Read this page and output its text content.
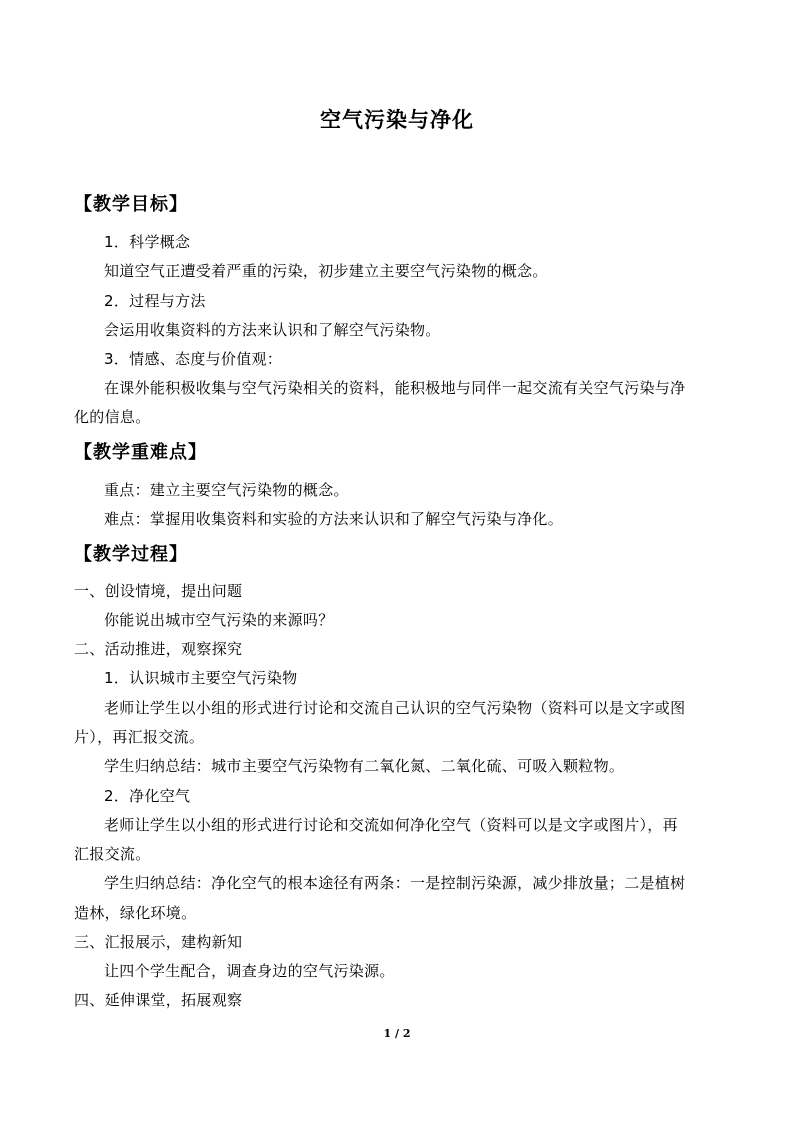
空气污染与净化
【教学目标】
1．科学概念
知道空气正遭受着严重的污染，初步建立主要空气污染物的概念。
2．过程与方法
会运用收集资料的方法来认识和了解空气污染物。
3．情感、态度与价值观：
在课外能积极收集与空气污染相关的资料，能积极地与同伴一起交流有关空气污染与净
化的信息。
【教学重难点】
重点：建立主要空气污染物的概念。
难点：掌握用收集资料和实验的方法来认识和了解空气污染与净化。
【教学过程】
一、创设情境，提出问题
你能说出城市空气污染的来源吗？
二、活动推进，观察探究
1．认识城市主要空气污染物
老师让学生以小组的形式进行讨论和交流自己认识的空气污染物（资料可以是文字或图
片），再汇报交流。
学生归纳总结：城市主要空气污染物有二氧化氮、二氧化硫、可吸入颗粒物。
2．净化空气
老师让学生以小组的形式进行讨论和交流如何净化空气（资料可以是文字或图片），再
汇报交流。
学生归纳总结：净化空气的根本途径有两条：一是控制污染源，减少排放量；二是植树
造林，绿化环境。
三、汇报展示，建构新知
让四个学生配合，调查身边的空气污染源。
四、延伸课堂，拓展观察
1 / 2
